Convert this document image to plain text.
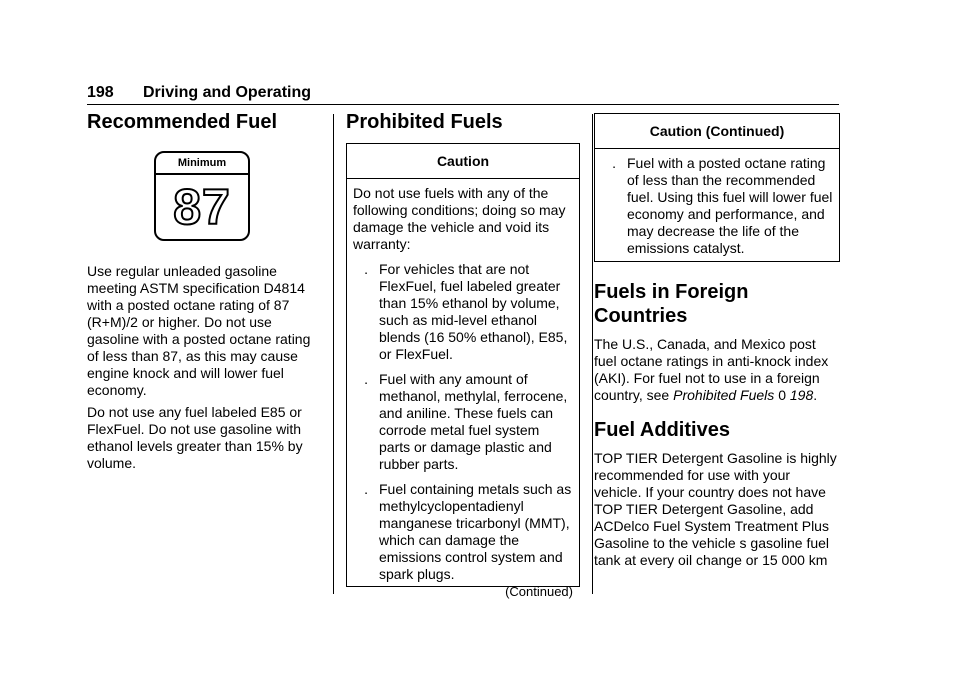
198 Driving and Operating
Recommended Fuel
Minimum
87

Use regular unleaded gasoline meeting ASTM specification D4814 with a posted octane rating of 87 (R+M)/2 or higher. Do not use gasoline with a posted octane rating of less than 87, as this may cause engine knock and will lower fuel economy.

Do not use any fuel labeled E85 or FlexFuel. Do not use gasoline with ethanol levels greater than 15% by volume.

Prohibited Fuels
Caution
Do not use fuels with any of the following conditions; doing so may damage the vehicle and void its warranty:
. For vehicles that are not FlexFuel, fuel labeled greater than 15% ethanol by volume, such as mid-level ethanol blends (16 50% ethanol), E85, or FlexFuel.
. Fuel with any amount of methanol, methylal, ferrocene, and aniline. These fuels can corrode metal fuel system parts or damage plastic and rubber parts.
. Fuel containing metals such as methylcyclopentadienyl manganese tricarbonyl (MMT), which can damage the emissions control system and spark plugs.
(Continued)
Caution (Continued)
. Fuel with a posted octane rating of less than the recommended fuel. Using this fuel will lower fuel economy and performance, and may decrease the life of the emissions catalyst.
Fuels in Foreign Countries

The U.S., Canada, and Mexico post fuel octane ratings in anti-knock index (AKI). For fuel not to use in a foreign country, see Prohibited Fuels 0 198.

Fuel Additives

TOP TIER Detergent Gasoline is highly recommended for use with your vehicle. If your country does not have TOP TIER Detergent Gasoline, add ACDelco Fuel System Treatment Plus Gasoline to the vehicle s gasoline fuel tank at every oil change or 15 000 km
